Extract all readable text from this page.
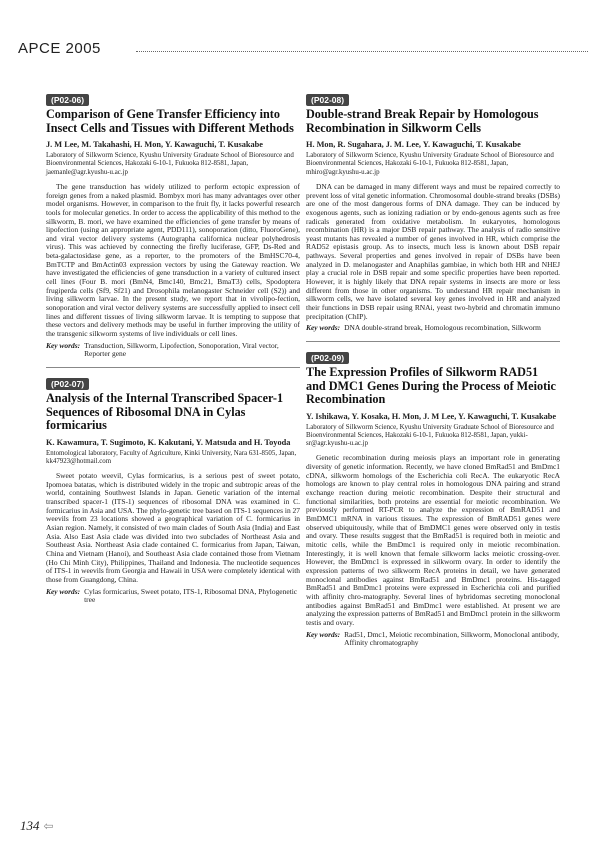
APCE 2005
(P02-06)
Comparison of Gene Transfer Efficiency into Insect Cells and Tissues with Different Methods
J. M Lee, M. Takahashi, H. Mon, Y. Kawaguchi, T. Kusakabe
Laboratory of Silkworm Science, Kyushu University Graduate School of Bioresource and Bioenvironmental Sciences, Hakozaki 6-10-1, Fukuoka 812-8581, Japan, jaemanle@agr.kyushu-u.ac.jp

The gene transduction has widely utilized to perform ectopic expression of foreign genes from a naked plasmid. Bombyx mori has many advantages over other model organisms. However, in comparison to the fruit fly, it lacks powerful research tools for molecular genetics. In order to access the applicability of this method to the silkworm, B. mori, we have examined the efficiencies of gene transfer by means of lipofection (using an appropriate agent, PDD111), sonoporation (ditto, FluoroGene), and viral vector delivery systems (Autographa californica nuclear polyhedrosis virus). This was achieved by connecting the firefly luciferase, GFP, Ds-Red and beta-galactosidase gene, as a reporter, to the promoters of the BmHSC70-4, BmTCTP and BmActin03 expression vectors by using the Gateway reaction. We have investigated the efficiencies of gene transduction in a variety of cultured insect cell lines (Four B. mori (BmN4, Bmc140, Bmc21, BmaT3) cells, Spodoptera frugiperda cells (Sf9, Sf21) and Drosophila melanogaster Schneider cell (S2)) and living silkworm larvae. In the present study, we report that in vivolipo-fection, sonoporation and viral vector delivery systems are successfully applied to insect cell lines and different tissues of living silkworm larvae. It is tempting to suppose that these vectors and delivery methods may be useful in further improving the utility of the transgenic silkworm systems of live individuals or cell lines.

Key words: Transduction, Silkworm, Lipofection, Sonoporation, Viral vector, Reporter gene
(P02-07)
Analysis of the Internal Transcribed Spacer-1 Sequences of Ribosomal DNA in Cylas formicarius
K. Kawamura, T. Sugimoto, K. Kakutani, Y. Matsuda and H. Toyoda
Entomological laboratory, Faculty of Agriculture, Kinki University, Nara 631-8505, Japan, kk47923@hotmail.com

Sweet potato weevil, Cylas formicarius, is a serious pest of sweet potato, Ipomoea batatas, which is distributed widely in the tropic and subtropic areas of the world, containing Southwest Islands in Japan. Genetic variation of the internal transcribed spacer-1 (ITS-1) sequences of ribosomal DNA was examined in C. formicarius in Asia and USA. The phylo-genetic tree based on ITS-1 sequences in 27 weevils from 23 locations showed a geographical variation of C. formicarius in Asian region. Namely, it consisted of two main clades of South Asia (India) and East Asia. Also East Asia clade was divided into two subclades of Northeast Asia and Southeast Asia. Northeast Asia clade contained C. formicarius from Japan, Taiwan, China and Vietnam (Hanoi), and Southeast Asia clade contained those from Vietnam (Ho Chi Minh City), Philippines, Thailand and Indonesia. The nucleotide sequences of ITS-1 in weevils from Georgia and Hawaii in USA were completely identical with those from Guangdong, China.

Key words: Cylas formicarius, Sweet potato, ITS-1, Ribosomal DNA, Phylogenetic tree
(P02-08)
Double-strand Break Repair by Homologous Recombination in Silkworm Cells
H. Mon, R. Sugahara, J. M. Lee, Y. Kawaguchi, T. Kusakabe
Laboratory of Silkworm Science, Kyushu University Graduate School of Bioresource and Bioenvironmental Sciences, Hakozaki 6-10-1, Fukuoka 812-8581, Japan, mhiro@agr.kyushu-u.ac.jp

DNA can be damaged in many different ways and must be repaired correctly to prevent loss of vital genetic information. Chromosomal double-strand breaks (DSBs) are one of the most dangerous forms of DNA damage. They can be induced by exogenous agents, such as ionizing radiation or by endo-genous agents such as free radicals generated from oxidative metabolism. In eukaryotes, homologous recombination (HR) is a major DSB repair pathway. The analysis of radio sensitive yeast mutants has revealed a number of genes involved in HR, which comprise the RAD52 epistasis group. As to insects, much less is known about DSB repair pathways. Several properties and genes involved in repair of DSBs have been analyzed in D. melanogaster and Anaphilas gambiae, in which both HR and NHEJ play a crucial role in DSB repair and some specific properties have been reported. However, it is highly likely that DNA repair systems in insects are more or less different from those in other organisms. To understand HR repair mechanism in silkworm cells, we have isolated several key genes involved in HR and analyzed their functions in DSB repair using RNAi, yeast two-hybrid and chromatin immuno precipitation (ChIP).

Key words: DNA double-strand break, Homologous recombination, Silkworm
(P02-09)
The Expression Profiles of Silkworm RAD51 and DMC1 Genes During the Process of Meiotic Recombination
Y. Ishikawa, Y. Kosaka, H. Mon, J. M Lee, Y. Kawaguchi, T. Kusakabe
Laboratory of Silkworm Science, Kyushu University Graduate School of Bioresource and Bioenvironmental Sciences, Hakozaki 6-10-1, Fukuoka 812-8581, Japan, yukki-sr@agr.kyushu-u.ac.jp

Genetic recombination during meiosis plays an important role in generating diversity of genetic information. Recently, we have cloned BmRad51 and BmDmc1 cDNA, silkworm homologs of the Escherichia coli RecA. The eukaryotic RecA homologs are known to play central roles in homologous DNA pairing and strand exchange reaction during meiotic recombination. Despite their structural and functional similarities, both proteins are essential for meiotic recombination. We previously performed RT-PCR to analyze the expression of BmRAD51 and BmDMC1 mRNA in various tissues. The expression of BmRAD51 genes were observed ubiquitously, while that of BmDMC1 genes were observed only in testis and ovary. These results suggest that the BmRad51 is required both in meiotic and mitotic cells, while the BmDmc1 is required only in meiotic recombination. Interestingly, it is well known that female silkworm lacks meiotic crossing-over. However, the BmDmc1 is expressed in silkworm ovary. In order to identify the expression patterns of two silkworm RecA proteins in detail, we have generated monoclonal antibodies against BmRad51 and BmDmc1 proteins. His-tagged BmRad51 and BmDmc1 proteins were expressed in Escherichia coli and purified with affinity chro-matography. Several lines of hybridomas secreting monoclonal antibodies against BmRad51 and BmDmc1 were established. At present we are analyzing the expression patterns of BmRad51 and BmDmc1 protein in the silkworm testis and ovary.

Key words: Rad51, Dmc1, Meiotic recombination, Silkworm, Monoclonal antibody, Affinity chromatography
134 ⇦
